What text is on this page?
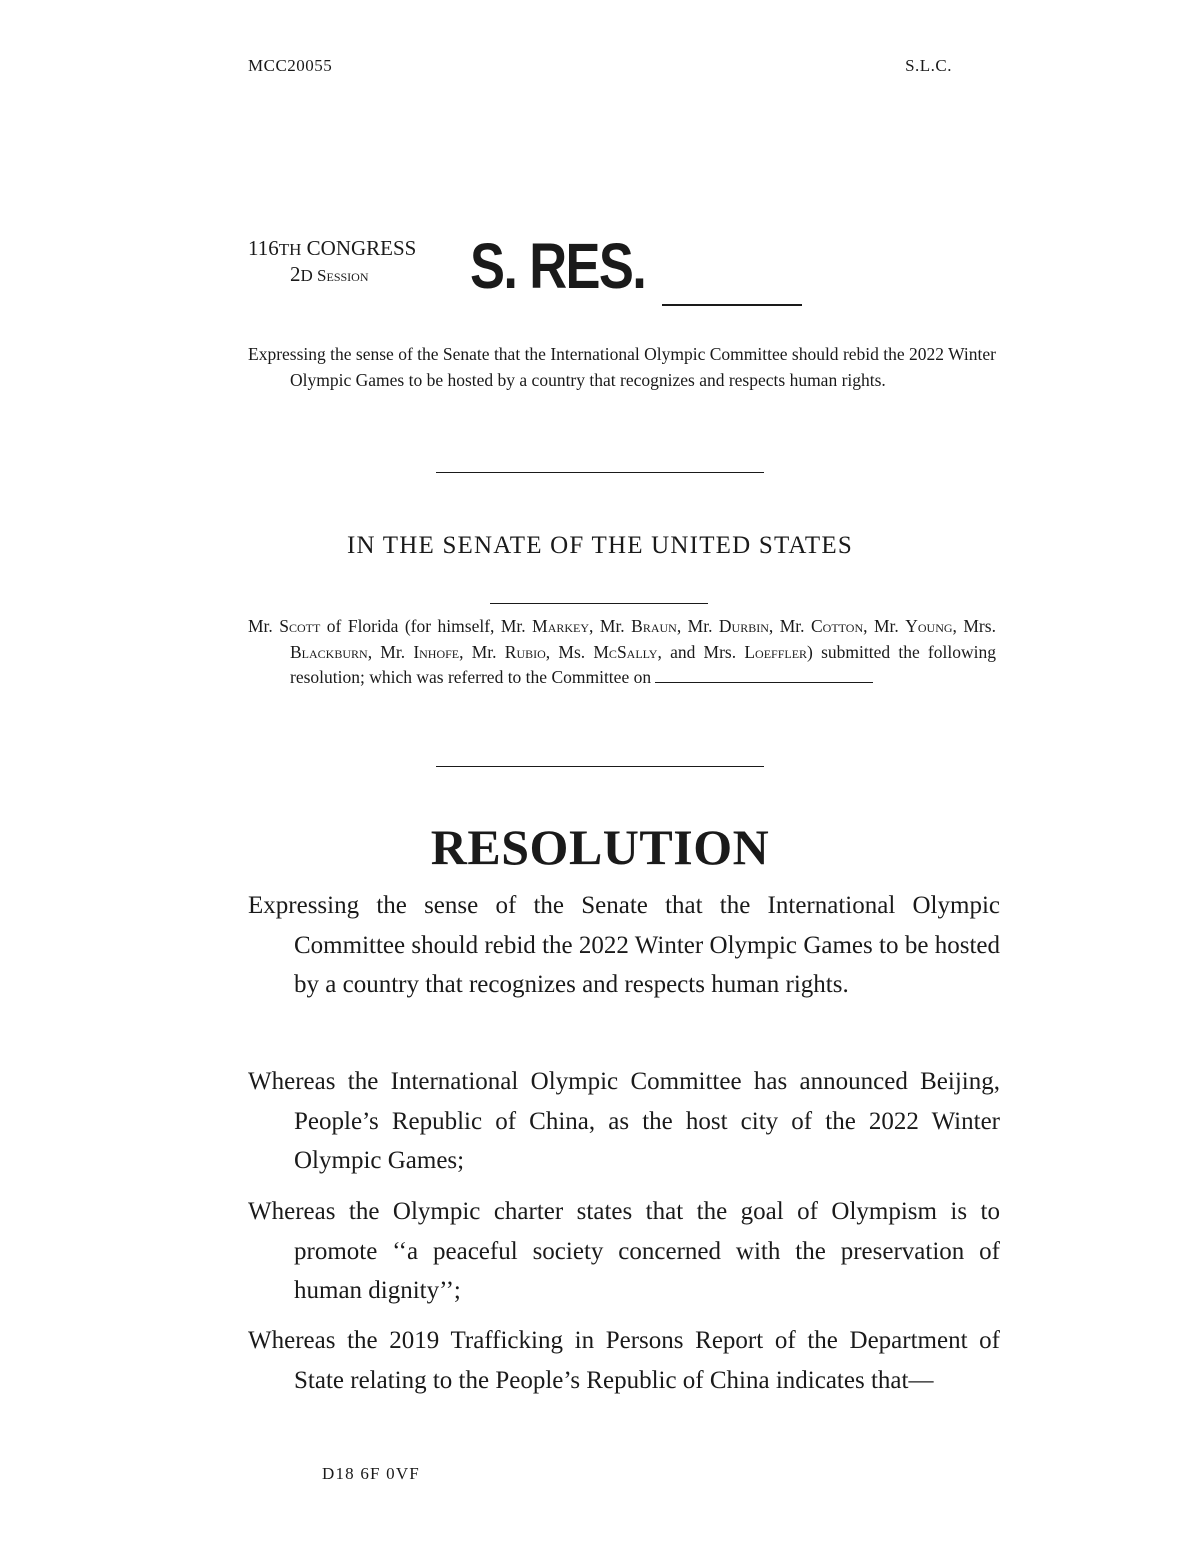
MCC20055	S.L.C.
116TH CONGRESS
2D Session	S. RES.
Expressing the sense of the Senate that the International Olympic Committee should rebid the 2022 Winter Olympic Games to be hosted by a country that recognizes and respects human rights.
IN THE SENATE OF THE UNITED STATES
Mr. Scott of Florida (for himself, Mr. Markey, Mr. Braun, Mr. Durbin, Mr. Cotton, Mr. Young, Mrs. Blackburn, Mr. Inhofe, Mr. Rubio, Ms. McSally, and Mrs. Loeffler) submitted the following resolution; which was referred to the Committee on
RESOLUTION
Expressing the sense of the Senate that the International Olympic Committee should rebid the 2022 Winter Olympic Games to be hosted by a country that recognizes and respects human rights.
Whereas the International Olympic Committee has announced Beijing, People’s Republic of China, as the host city of the 2022 Winter Olympic Games;
Whereas the Olympic charter states that the goal of Olympism is to promote ‘‘a peaceful society concerned with the preservation of human dignity’’;
Whereas the 2019 Trafficking in Persons Report of the Department of State relating to the People’s Republic of China indicates that—
D18 6F 0VF
